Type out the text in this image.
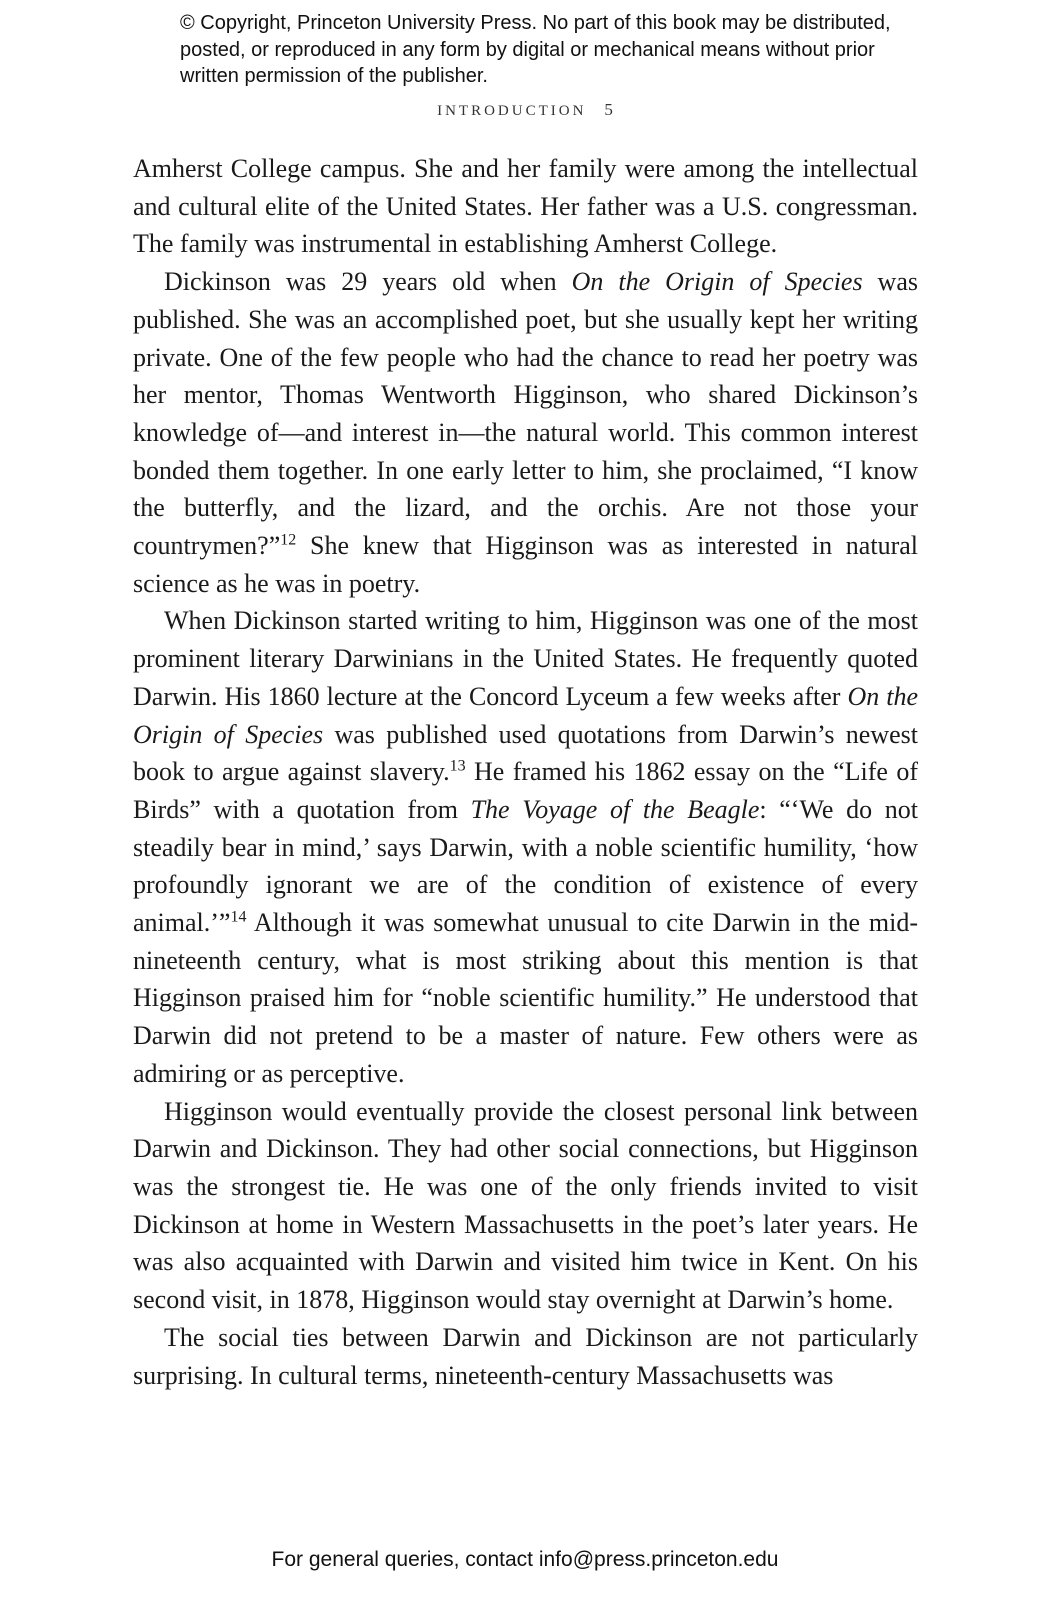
© Copyright, Princeton University Press. No part of this book may be distributed, posted, or reproduced in any form by digital or mechanical means without prior written permission of the publisher.
INTRODUCTION 5

Amherst College campus. She and her family were among the intellectual and cultural elite of the United States. Her father was a U.S. congressman. The family was instrumental in establishing Amherst College.

Dickinson was 29 years old when On the Origin of Species was published. She was an accomplished poet, but she usually kept her writing private. One of the few people who had the chance to read her poetry was her mentor, Thomas Wentworth Higginson, who shared Dickinson’s knowledge of—and interest in—the natural world. This common interest bonded them together. In one early letter to him, she proclaimed, “I know the butterfly, and the lizard, and the orchis. Are not those your countrymen?”$^{12}$ She knew that Higginson was as interested in natural science as he was in poetry.

When Dickinson started writing to him, Higginson was one of the most prominent literary Darwinians in the United States. He frequently quoted Darwin. His 1860 lecture at the Concord Lyceum a few weeks after On the Origin of Species was published used quotations from Darwin’s newest book to argue against slavery.$^{13}$ He framed his 1862 essay on the “Life of Birds” with a quotation from The Voyage of the Beagle: “‘We do not steadily bear in mind,’ says Darwin, with a noble scientific humility, ‘how profoundly ignorant we are of the condition of existence of every animal.’”$^{14}$ Although it was somewhat unusual to cite Darwin in the mid-nineteenth century, what is most striking about this mention is that Higginson praised him for “noble scientific humility.” He understood that Darwin did not pretend to be a master of nature. Few others were as admiring or as perceptive.

Higginson would eventually provide the closest personal link between Darwin and Dickinson. They had other social connections, but Higginson was the strongest tie. He was one of the only friends invited to visit Dickinson at home in Western Massachusetts in the poet’s later years. He was also acquainted with Darwin and visited him twice in Kent. On his second visit, in 1878, Higginson would stay overnight at Darwin’s home.

The social ties between Darwin and Dickinson are not particularly surprising. In cultural terms, nineteenth-century Massachusetts was

For general queries, contact info@press.princeton.edu
